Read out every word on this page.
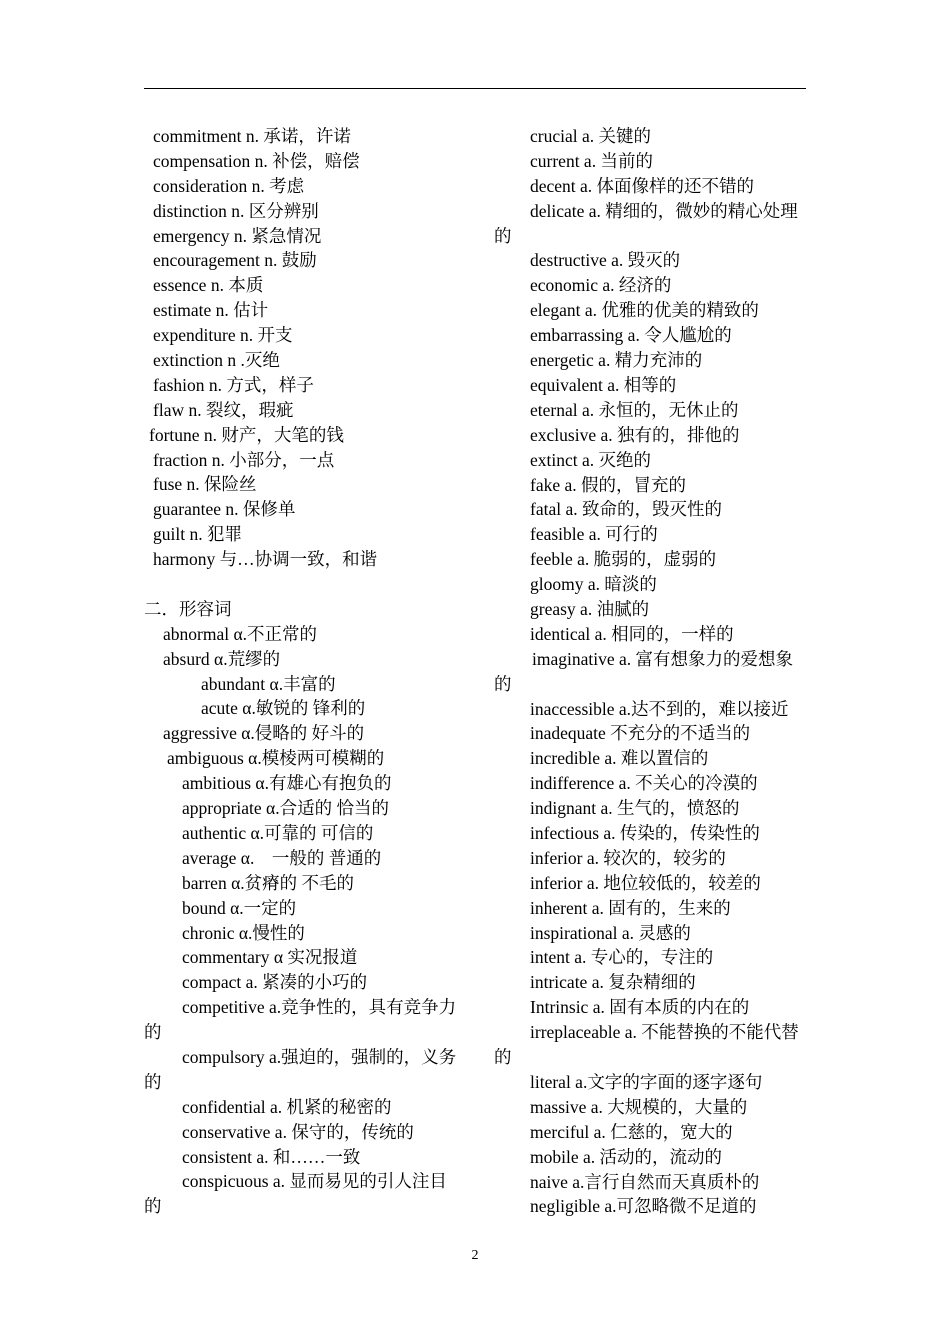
commitment n. 承诺，许诺
compensation n. 补偿，赔偿
consideration n. 考虑
distinction n. 区分辨别
emergency n. 紧急情况
encouragement n. 鼓励
essence n. 本质
estimate n. 估计
expenditure n. 开支
extinction n .灭绝
fashion n. 方式，样子
flaw n. 裂纹，瑕疵
fortune n. 财产，大笔的钱
fraction n. 小部分，一点
fuse n. 保险丝
guarantee n. 保修单
guilt n. 犯罪
harmony 与…协调一致，和谐

二．形容词
abnormal α.不正常的
absurd α.荒缪的
abundant α.丰富的
acute α.敏锐的 锋利的
aggressive α.侵略的 好斗的
ambiguous α.模棱两可模糊的
ambitious α.有雄心有抱负的
appropriate α.合适的 恰当的
authentic α.可靠的 可信的
average α.　一般的 普通的
barren α.贫瘠的 不毛的
bound α.一定的
chronic α.慢性的
commentary α 实况报道
compact a. 紧凑的小巧的
competitive a.竞争性的，具有竞争力的
compulsory a.强迫的，强制的，义务的
confidential a. 机紧的秘密的
conservative a. 保守的，传统的
consistent a. 和……一致
conspicuous a. 显而易见的引人注目的
crucial a. 关键的
current a. 当前的
decent a. 体面像样的还不错的
delicate a. 精细的，微妙的精心处理的
destructive a. 毁灭的
economic a. 经济的
elegant a. 优雅的优美的精致的
embarrassing a. 令人尴尬的
energetic a. 精力充沛的
equivalent a. 相等的
eternal a. 永恒的，无休止的
exclusive a. 独有的，排他的
extinct a. 灭绝的
fake a. 假的，冒充的
fatal a. 致命的，毁灭性的
feasible a. 可行的
feeble a. 脆弱的，虚弱的
gloomy a. 暗淡的
greasy a. 油腻的
identical a. 相同的，一样的
imaginative a. 富有想象力的爱想象的
inaccessible a.达不到的，难以接近
inadequate 不充分的不适当的
incredible a. 难以置信的
indifference a. 不关心的冷漠的
indignant a. 生气的，愤怒的
infectious a. 传染的，传染性的
inferior a. 较次的，较劣的
inferior a. 地位较低的，较差的
inherent a. 固有的，生来的
inspirational a. 灵感的
intent a. 专心的，专注的
intricate a. 复杂精细的
Intrinsic a. 固有本质的内在的
irreplaceable a. 不能替换的不能代替的
literal a.文字的字面的逐字逐句
massive a. 大规模的，大量的
merciful a. 仁慈的，宽大的
mobile a. 活动的，流动的
naive a.言行自然而天真质朴的
negligible a.可忽略微不足道的
2
